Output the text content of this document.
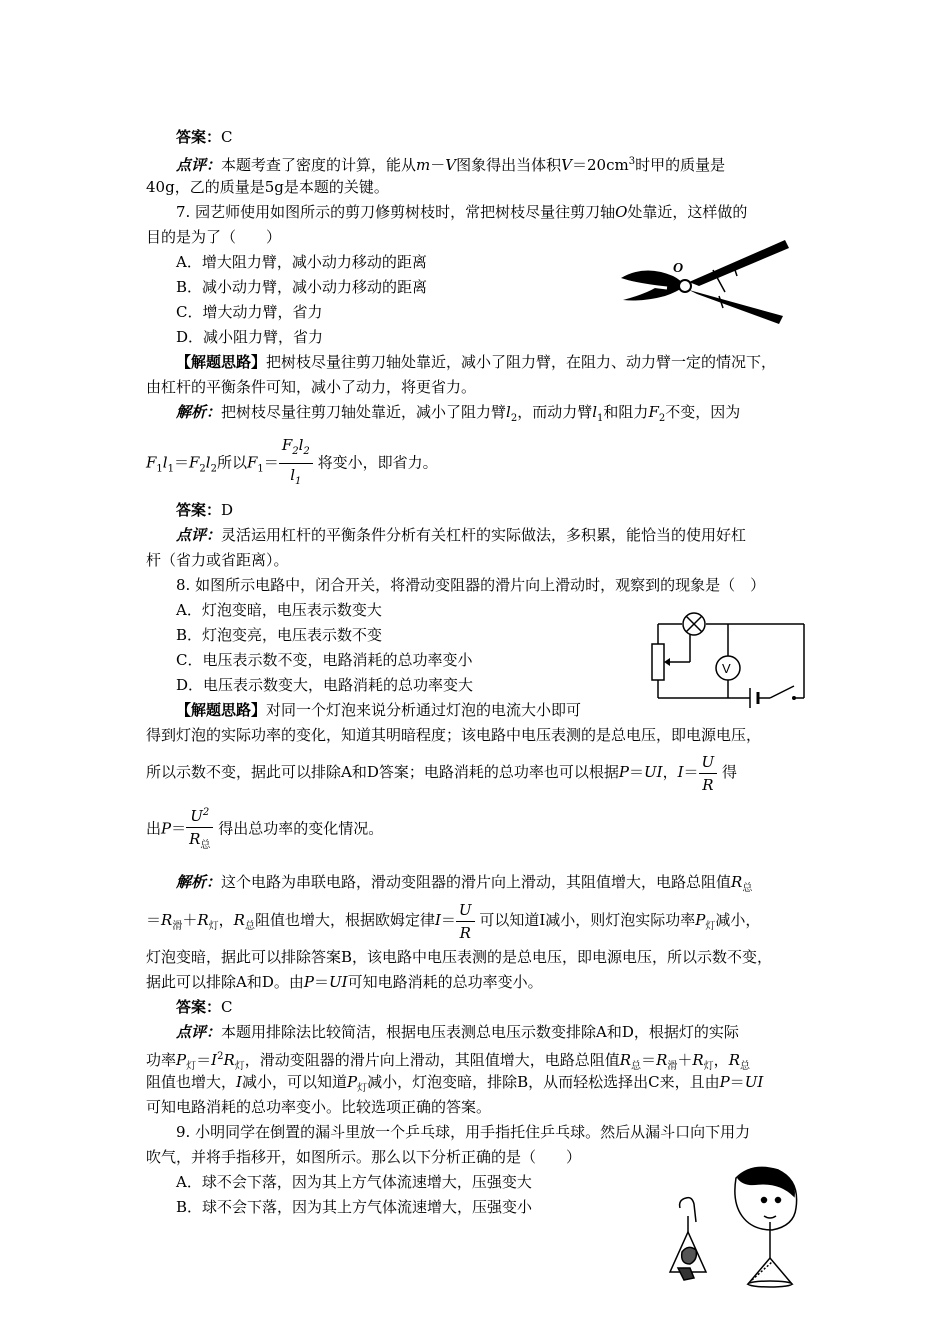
答案：C
点评：本题考查了密度的计算，能从m－V图象得出当体积$V=20cm^3$时甲的质量是
40g，乙的质量是5g是本题的关键。
7. 园艺师使用如图所示的剪刀修剪树枝时，常把树枝尽量往剪刀轴O处靠近，这样做的
目的是为了（　　）
A．增大阻力臂，减小动力移动的距离
B．减小动力臂，减小动力移动的距离
C．增大动力臂，省力
D．减小阻力臂，省力
O
【解题思路】把树枝尽量往剪刀轴处靠近，减小了阻力臂，在阻力、动力臂一定的情况下，
由杠杆的平衡条件可知，减小了动力，将更省力。
解析：把树枝尽量往剪刀轴处靠近，减小了阻力臂$l_2$，而动力臂$l_1$和阻力$F_2$不变，因为
$F_1l_1=F_2l_2$所以$F_1= \frac{F_2l_2}{l_1}$ 将变小，即省力。
答案：D
点评：灵活运用杠杆的平衡条件分析有关杠杆的实际做法，多积累，能恰当的使用好杠
杆（省力或省距离）。
8. 如图所示电路中，闭合开关，将滑动变阻器的滑片向上滑动时，观察到的现象是（　）
A．灯泡变暗，电压表示数变大
B．灯泡变亮，电压表示数不变
C．电压表示数不变，电路消耗的总功率变小
D．电压表示数变大，电路消耗的总功率变大
V
【解题思路】对同一个灯泡来说分析通过灯泡的电流大小即可
得到灯泡的实际功率的变化，知道其明暗程度；该电路中电压表测的是总电压，即电源电压，
所以示数不变，据此可以排除A和D答案；电路消耗的总功率也可以根据P＝UI，$I= \frac{U}{R}$ 得
出$P= \frac{U^2}{R_总}$ 得出总功率的变化情况。
解析：这个电路为串联电路，滑动变阻器的滑片向上滑动，其阻值增大，电路总阻值$R_总$
$=R_滑+R_灯$，$R_总$阻值也增大，根据欧姆定律$I= \frac{U}{R}$ 可以知道I减小，则灯泡实际功率$P_灯$减小，
灯泡变暗，据此可以排除答案B，该电路中电压表测的是总电压，即电源电压，所以示数不变，
据此可以排除A和D。由P＝UI可知电路消耗的总功率变小。
答案：C
点评：本题用排除法比较简洁，根据电压表测总电压示数变排除A和D，根据灯的实际
功率$P_灯=I^2R_灯$，滑动变阻器的滑片向上滑动，其阻值增大，电路总阻值$R_总=R_滑+R_灯$，$R_总$
阻值也增大，I减小，可以知道$P_灯$减小，灯泡变暗，排除B，从而轻松选择出C来，且由P＝UI
可知电路消耗的总功率变小。比较选项正确的答案。
9. 小明同学在倒置的漏斗里放一个乒乓球，用手指托住乒乓球。然后从漏斗口向下用力
吹气，并将手指移开，如图所示。那么以下分析正确的是（　　）
A．球不会下落，因为其上方气体流速增大，压强变大
B．球不会下落，因为其上方气体流速增大，压强变小
